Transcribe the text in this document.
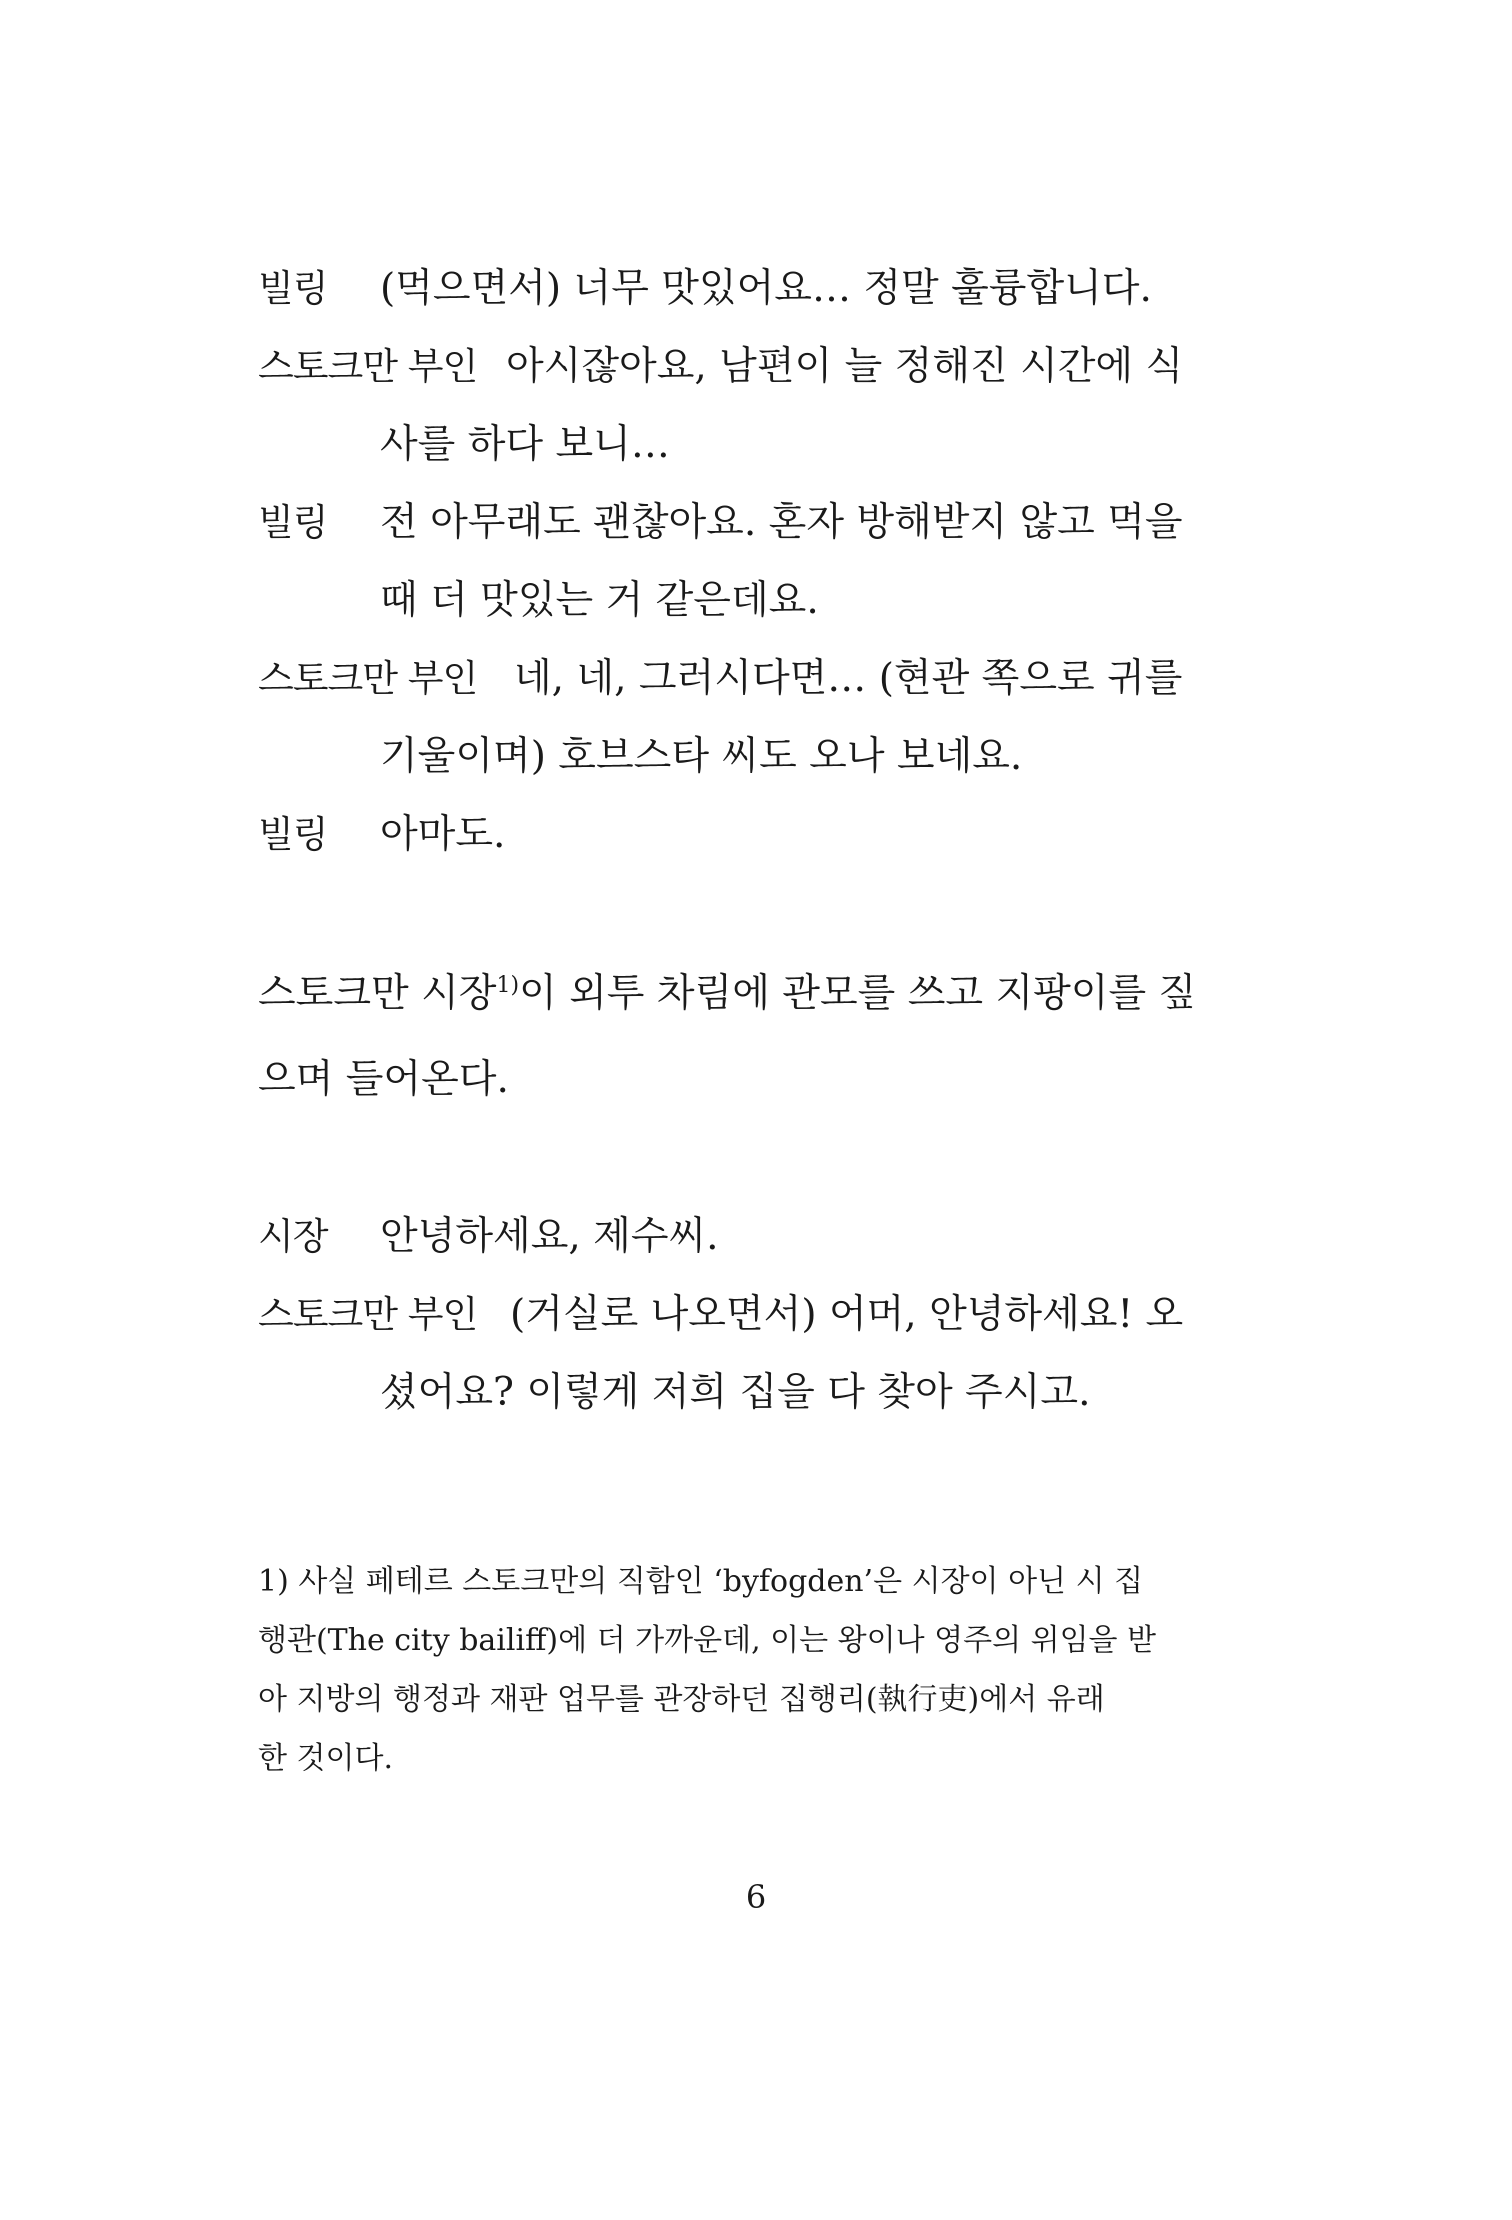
빌링 (먹으면서) 너무 맛있어요… 정말 훌륭합니다.
스토크만 부인 아시잖아요, 남편이 늘 정해진 시간에 식
사를 하다 보니…
빌링 전 아무래도 괜찮아요. 혼자 방해받지 않고 먹을
때 더 맛있는 거 같은데요.
스토크만 부인 네, 네, 그러시다면… (현관 쪽으로 귀를
기울이며) 호브스타 씨도 오나 보네요.
빌링 아마도.
스토크만 시장$^{1)}$이 외투 차림에 관모를 쓰고 지팡이를 짚
으며 들어온다.
시장 안녕하세요, 제수씨.
스토크만 부인 (거실로 나오면서) 어머, 안녕하세요! 오
셨어요? 이렇게 저희 집을 다 찾아 주시고.
1) 사실 페테르 스토크만의 직함인 ‘byfogden’은 시장이 아닌 시 집
행관(The city bailiff)에 더 가까운데, 이는 왕이나 영주의 위임을 받
아 지방의 행정과 재판 업무를 관장하던 집행리(執行吏)에서 유래
한 것이다.
6
